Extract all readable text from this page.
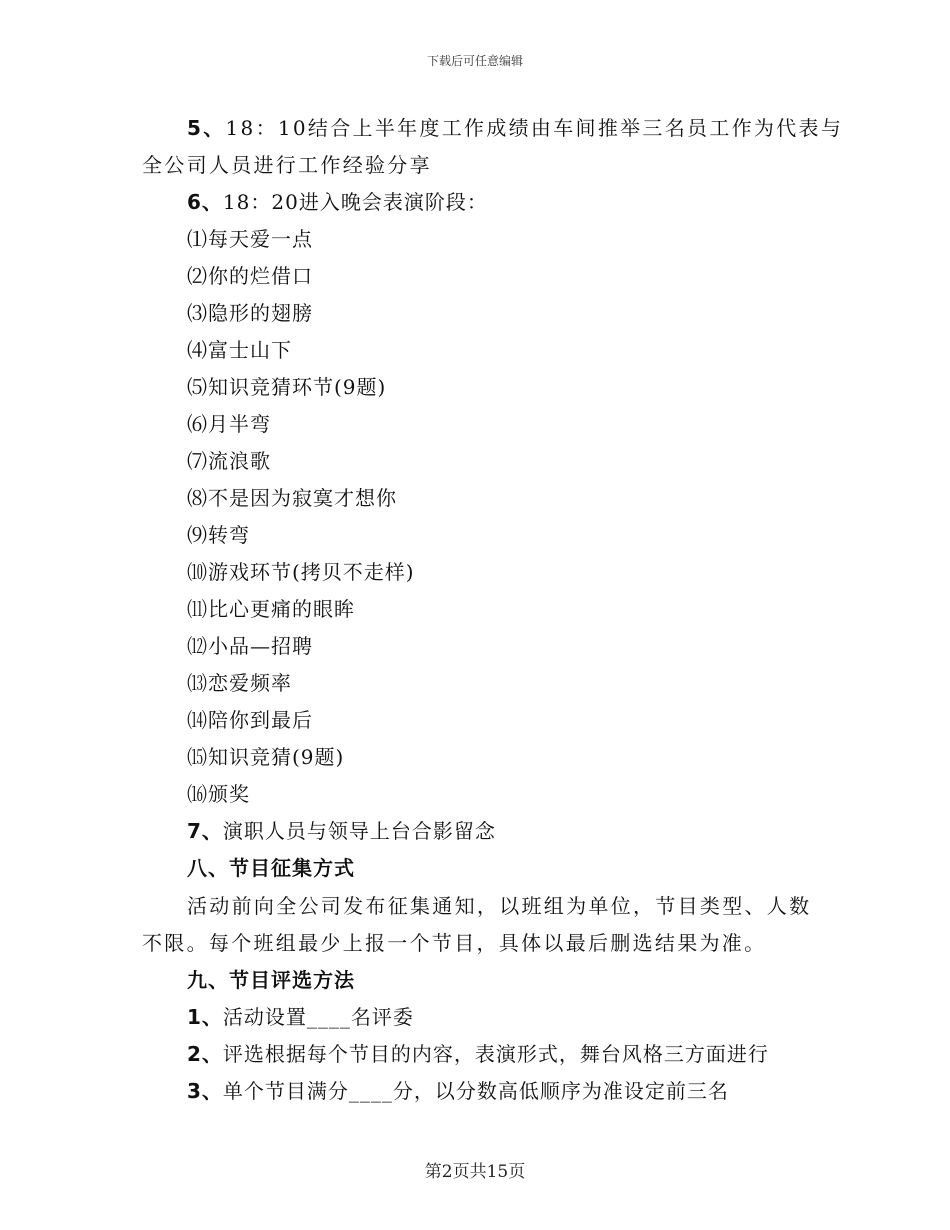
下载后可任意编辑
5、18：10结合上半年度工作成绩由车间推举三名员工作为代表与
全公司人员进行工作经验分享
6、18：20进入晚会表演阶段：
⑴每天爱一点
⑵你的烂借口
⑶隐形的翅膀
⑷富士山下
⑸知识竞猜环节(9题)
⑹月半弯
⑺流浪歌
⑻不是因为寂寞才想你
⑼转弯
⑽游戏环节(拷贝不走样)
⑾比心更痛的眼眸
⑿小品—招聘
⒀恋爱频率
⒁陪你到最后
⒂知识竞猜(9题)
⒃颁奖
7、演职人员与领导上台合影留念
八、节目征集方式
活动前向全公司发布征集通知，以班组为单位，节目类型、人数
不限。每个班组最少上报一个节目，具体以最后删选结果为准。
九、节目评选方法
1、活动设置____名评委
2、评选根据每个节目的内容，表演形式，舞台风格三方面进行
3、单个节目满分____分，以分数高低顺序为准设定前三名
第2页共15页
